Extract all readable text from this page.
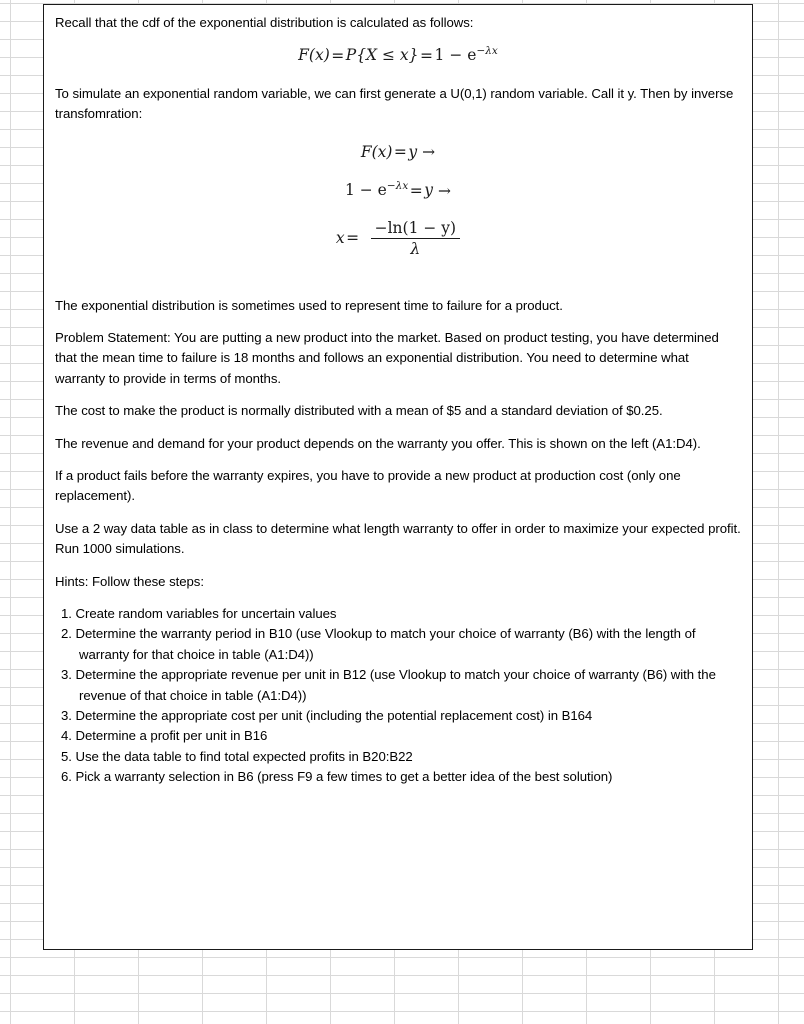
Recall that the cdf of the exponential distribution is calculated as follows:

$F(x)=P\{X \le x\}=1 - e^{-\lambda x}$

To simulate an exponential random variable, we can first generate a U(0,1) random variable. Call it y. Then by inverse transfomration:

F(x)=y →
$1 - e^{-\lambda x}=y$ →
$x= \frac{-\ln(1 - y)}{\lambda}$

The exponential distribution is sometimes used to represent time to failure for a product.

Problem Statement: You are putting a new product into the market. Based on product testing, you have determined that the mean time to failure is 18 months and follows an exponential distribution. You need to determine what warranty to provide in terms of months.

The cost to make the product is normally distributed with a mean of $5 and a standard deviation of $0.25.

The revenue and demand for your product depends on the warranty you offer. This is shown on the left (A1:D4).

If a product fails before the warranty expires, you have to provide a new product at production cost (only one replacement).

Use a 2 way data table as in class to determine what length warranty to offer in order to maximize your expected profit. Run 1000 simulations.

Hints: Follow these steps:

1. Create random variables for uncertain values
2. Determine the warranty period in B10 (use Vlookup to match your choice of warranty (B6) with the length of warranty for that choice in table (A1:D4))
3. Determine the appropriate revenue per unit in B12 (use Vlookup to match your choice of warranty (B6) with the revenue of that choice in table (A1:D4))
3. Determine the appropriate cost per unit (including the potential replacement cost) in B164
4. Determine a profit per unit in B16
5. Use the data table to find total expected profits in B20:B22
6. Pick a warranty selection in B6 (press F9 a few times to get a better idea of the best solution)
